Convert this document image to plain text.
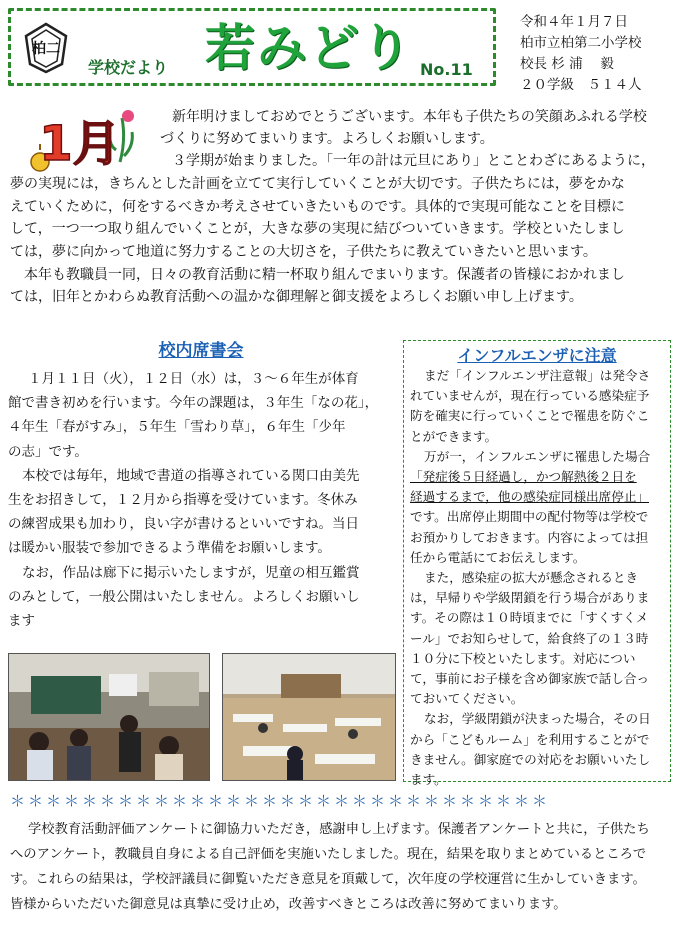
柏二
学校だより 若みどり No.11
令和４年１月７日
柏市立柏第二小学校
校長 杉 浦　 毅
２０学級　５１４人
1月	新年明けましておめでとうございます。本年も子供たちの笑顔あふれる学校
づくりに努めてまいります。よろしくお願いします。
３学期が始まりました。「一年の計は元旦にあり」とことわざにあるように，
夢の実現には，きちんとした計画を立てて実行していくことが大切です。子供たちには，夢をかな
えていくために，何をするべきか考えさせていきたいものです。具体的で実現可能なことを目標に
して，一つ一つ取り組んでいくことが，大きな夢の実現に結びついていきます。学校といたしまし
ては，夢に向かって地道に努力することの大切さを，子供たちに教えていきたいと思います。
本年も教職員一同，日々の教育活動に精一杯取り組んでまいります。保護者の皆様におかれまし
ては，旧年とかわらぬ教育活動への温かな御理解と御支援をよろしくお願い申し上げます。
校内席書会

１月１１日（火），１２日（水）は，３～６年生が体育

館で書き初めを行います。今年の課題は，３年生「なの花」，

４年生「春がすみ」，５年生「雪わり草」，６年生「少年

の志」です。

本校では毎年，地域で書道の指導されている関口由美先

生をお招きして，１２月から指導を受けています。冬休み

の練習成果も加わり，良い字が書けるといいですね。当日

は暖かい服装で参加できるよう準備をお願いします。

なお，作品は廊下に掲示いたしますが，児童の相互鑑賞

のみとして，一般公開はいたしません。よろしくお願いし

ます

インフルエンザに注意

まだ「インフルエンザ注意報」は発令さ

れていませんが，現在行っている感染症予

防を確実に行っていくことで罹患を防ぐこ

とができます。

万が一，インフルエンザに罹患した場合

「発症後５日経過し，かつ解熱後２日を

経過するまで，他の感染症同様出席停止」

です。出席停止期間中の配付物等は学校で

お預かりしておきます。内容によっては担

任から電話にてお伝えします。

また，感染症の拡大が懸念されるとき

は，早帰りや学級閉鎖を行う場合がありま

す。その際は１０時頃までに「すくすくメ

ール」でお知らせして，給食終了の１３時

１０分に下校といたします。対応につい

て，事前にお子様を含め御家族で話し合っ

ておいてください。

なお，学級閉鎖が決まった場合，その日

から「こどもルーム」を利用することがで

きません。御家庭での対応をお願いいたし

ます。

＊＊＊＊＊＊＊＊＊＊＊＊＊＊＊＊＊＊＊＊＊＊＊＊＊＊＊＊＊＊
学校教育活動評価アンケートに御協力いただき，感謝申し上げます。保護者アンケートと共に，子供たち
へのアンケート，教職員自身による自己評価を実施いたしました。現在，結果を取りまとめているところで
す。これらの結果は，学校評議員に御覧いただき意見を頂戴して，次年度の学校運営に生かしていきます。
皆様からいただいた御意見は真摯に受け止め，改善すべきところは改善に努めてまいります。
